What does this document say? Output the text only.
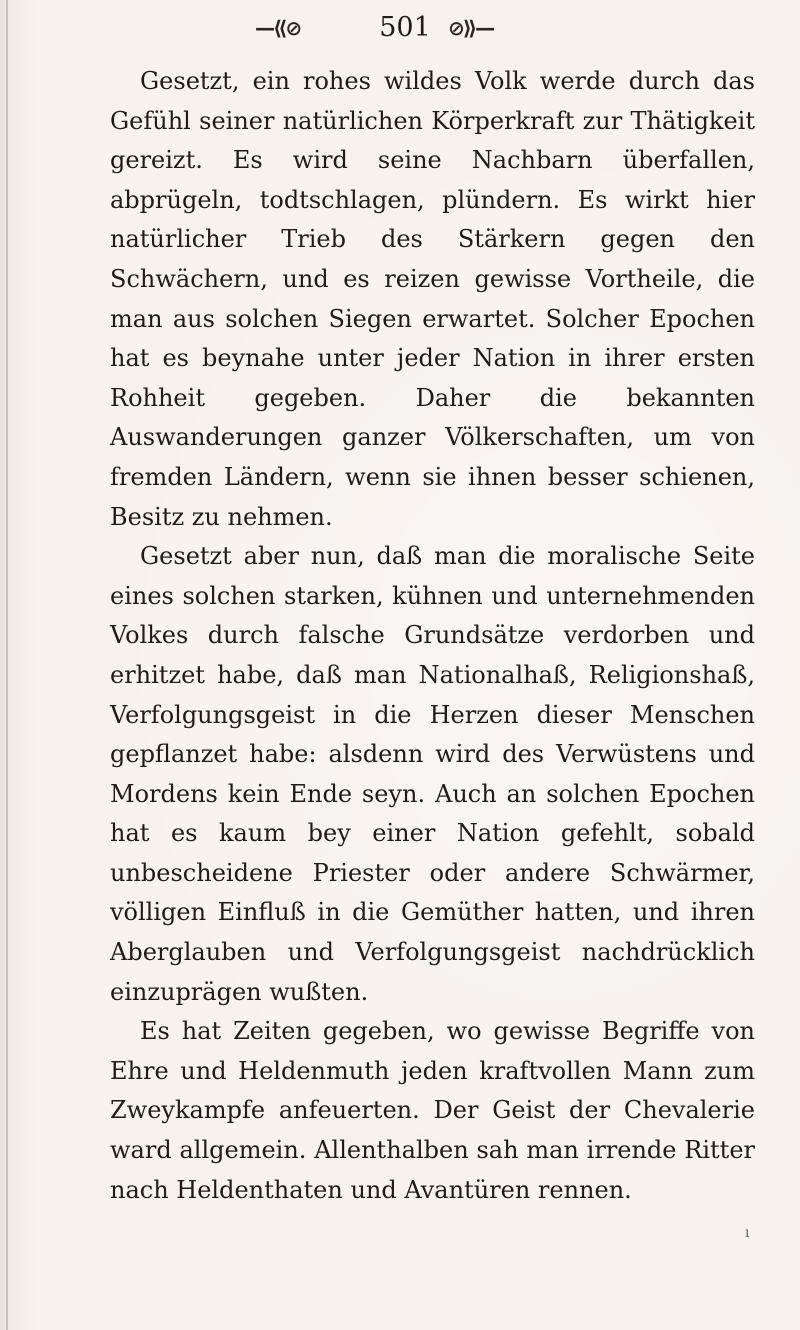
—⟪⊘	501 ⊘⟫—

Gesetzt, ein rohes wildes Volk werde durch das Gefühl seiner natürlichen Körperkraft zur Thätigkeit gereizt. Es wird seine Nachbarn überfallen, abprügeln, todtschlagen, plündern. Es wirkt hier natürlicher Trieb des Stärkern gegen den Schwächern, und es reizen gewisse Vortheile, die man aus solchen Siegen erwartet. Solcher Epochen hat es beynahe unter jeder Nation in ihrer ersten Rohheit gegeben. Daher die bekannten Auswanderungen ganzer Völkerschaften, um von fremden Ländern, wenn sie ihnen besser schienen, Besitz zu nehmen.

Gesetzt aber nun, daß man die moralische Seite eines solchen starken, kühnen und unternehmenden Volkes durch falsche Grundsätze verdorben und erhitzet habe, daß man Nationalhaß, Religionshaß, Verfolgungsgeist in die Herzen dieser Menschen gepflanzet habe: alsdenn wird des Verwüstens und Mordens kein Ende seyn. Auch an solchen Epochen hat es kaum bey einer Nation gefehlt, sobald unbescheidene Priester oder andere Schwärmer, völligen Einfluß in die Gemüther hatten, und ihren Aberglauben und Verfolgungsgeist nachdrücklich einzuprägen wußten.

Es hat Zeiten gegeben, wo gewisse Begriffe von Ehre und Heldenmuth jeden kraftvollen Mann zum Zweykampfe anfeuerten. Der Geist der Chevalerie ward allgemein. Allenthalben sah man irrende Ritter nach Heldenthaten und Avantüren rennen.

ı
